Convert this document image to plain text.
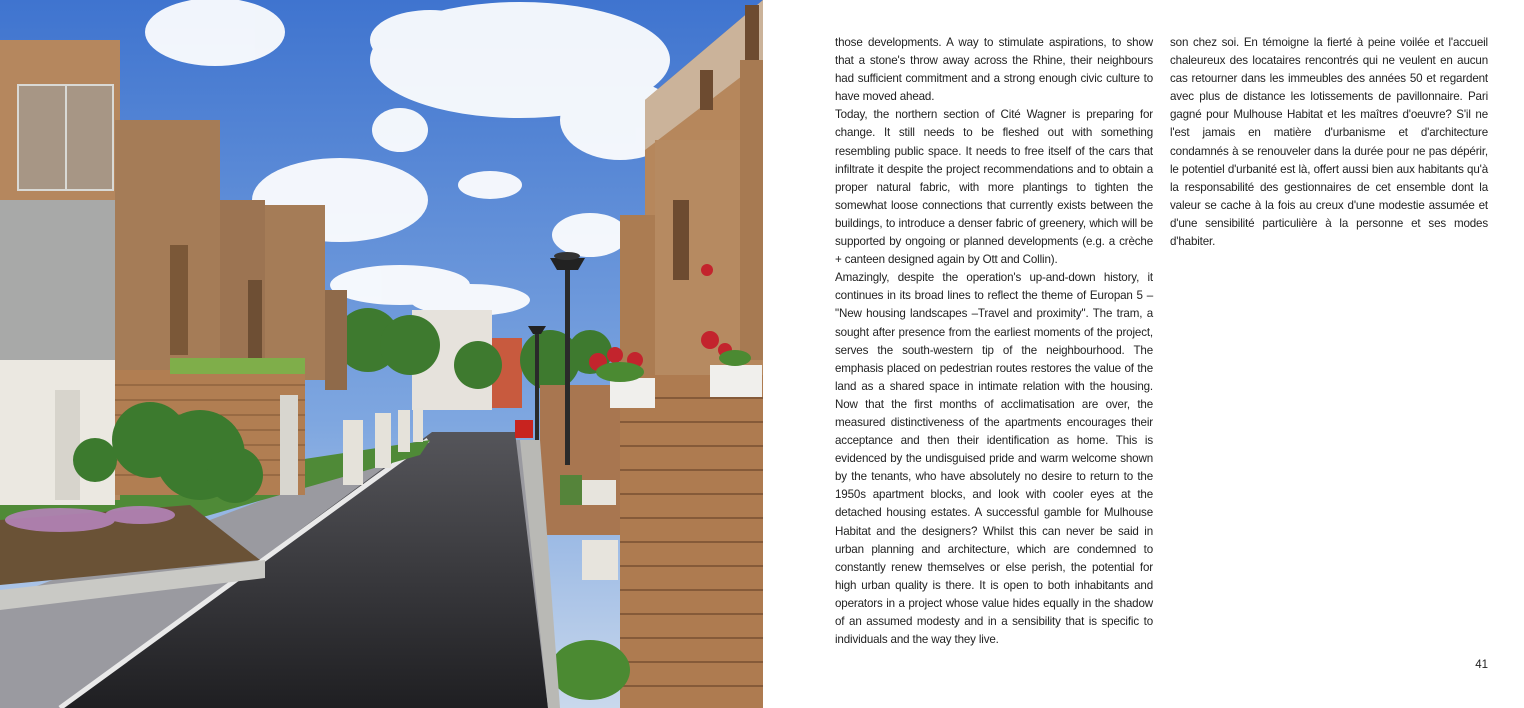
those developments. A way to stimulate aspirations, to show that a stone's throw away across the Rhine, their neighbours had sufficient commitment and a strong enough civic culture to have moved ahead.

Today, the northern section of Cité Wagner is preparing for change. It still needs to be fleshed out with something resembling public space. It needs to free itself of the cars that infiltrate it despite the project recommendations and to obtain a proper natural fabric, with more plantings to tighten the somewhat loose connections that currently exists between the buildings, to introduce a denser fabric of greenery, which will be supported by ongoing or planned developments (e.g. a crèche + canteen designed again by Ott and Collin).

Amazingly, despite the operation's up-and-down history, it continues in its broad lines to reflect the theme of Europan 5 – "New housing landscapes –Travel and proximity". The tram, a sought after presence from the earliest moments of the project, serves the south-western tip of the neighbourhood. The emphasis placed on pedestrian routes restores the value of the land as a shared space in intimate relation with the housing. Now that the first months of acclimatisation are over, the measured distinctiveness of the apartments encourages their acceptance and then their identification as home. This is evidenced by the undisguised pride and warm welcome shown by the tenants, who have absolutely no desire to return to the 1950s apartment blocks, and look with cooler eyes at the detached housing estates. A successful gamble for Mulhouse Habitat and the designers? Whilst this can never be said in urban planning and architecture, which are condemned to constantly renew themselves or else perish, the potential for high urban quality is there. It is open to both inhabitants and operators in a project whose value hides equally in the shadow of an assumed modesty and in a sensibility that is specific to individuals and the way they live.

son chez soi. En témoigne la fierté à peine voilée et l'accueil chaleureux des locataires rencontrés qui ne veulent en aucun cas retourner dans les immeubles des années 50 et regardent avec plus de distance les lotissements de pavillonnaire. Pari gagné pour Mulhouse Habitat et les maîtres d'oeuvre? S'il ne l'est jamais en matière d'urbanisme et d'architecture condamnés à se renouveler dans la durée pour ne pas dépérir, le potentiel d'urbanité est là, offert aussi bien aux habitants qu'à la responsabilité des gestionnaires de cet ensemble dont la valeur se cache à la fois au creux d'une modestie assumée et d'une sensibilité particulière à la personne et ses modes d'habiter.

41
